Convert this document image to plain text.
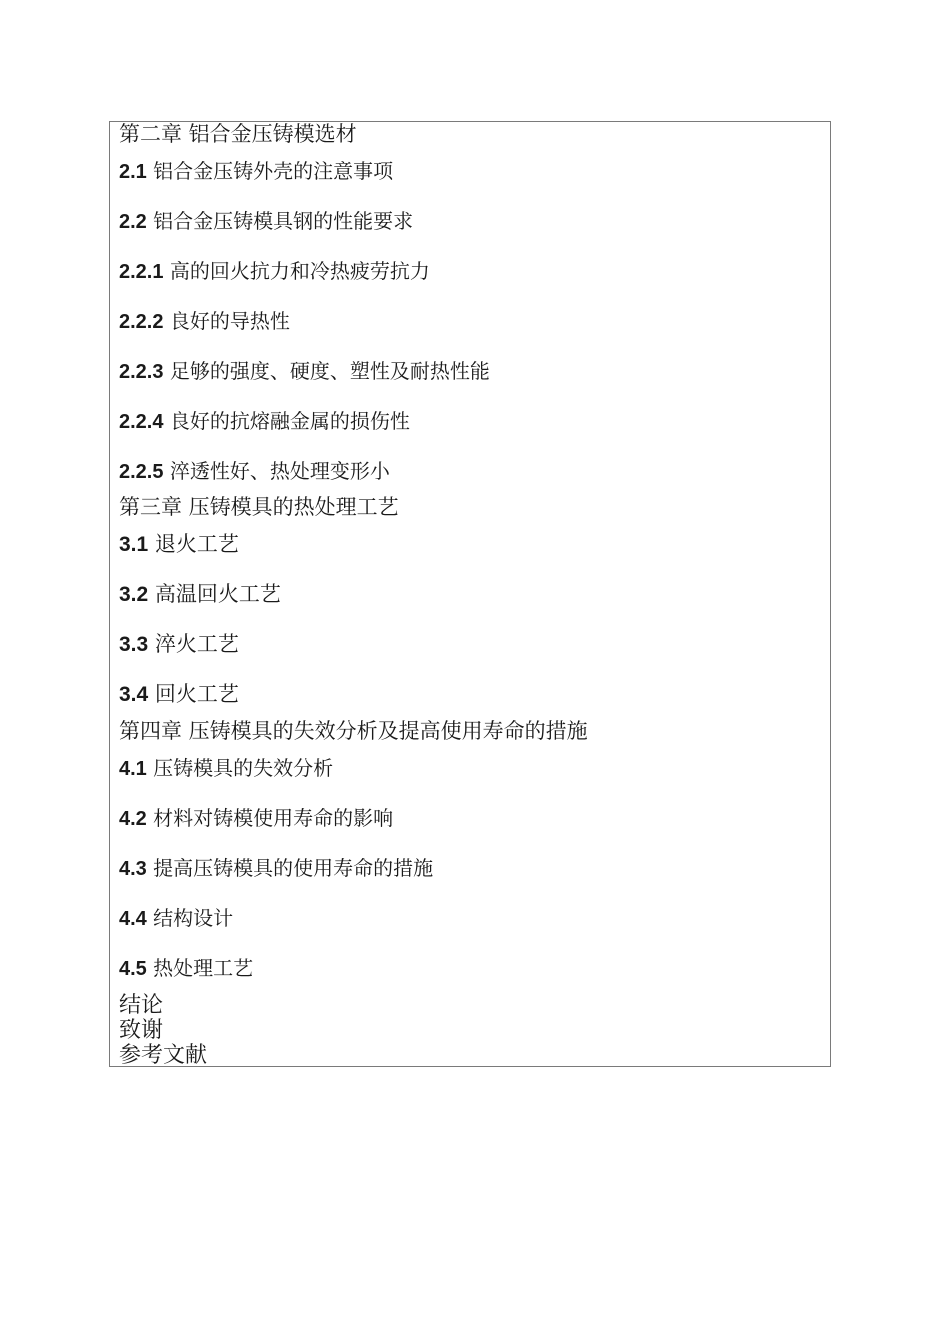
第二章 铝合金压铸模选材
2.1 铝合金压铸外壳的注意事项
2.2 铝合金压铸模具钢的性能要求
2.2.1 高的回火抗力和冷热疲劳抗力
2.2.2 良好的导热性
2.2.3 足够的强度、硬度、塑性及耐热性能
2.2.4 良好的抗熔融金属的损伤性
2.2.5 淬透性好、热处理变形小
第三章 压铸模具的热处理工艺
3.1 退火工艺
3.2 高温回火工艺
3.3 淬火工艺
3.4 回火工艺
第四章 压铸模具的失效分析及提高使用寿命的措施
4.1 压铸模具的失效分析
4.2 材料对铸模使用寿命的影响
4.3 提高压铸模具的使用寿命的措施
4.4 结构设计
4.5 热处理工艺
结论
致谢
参考文献
